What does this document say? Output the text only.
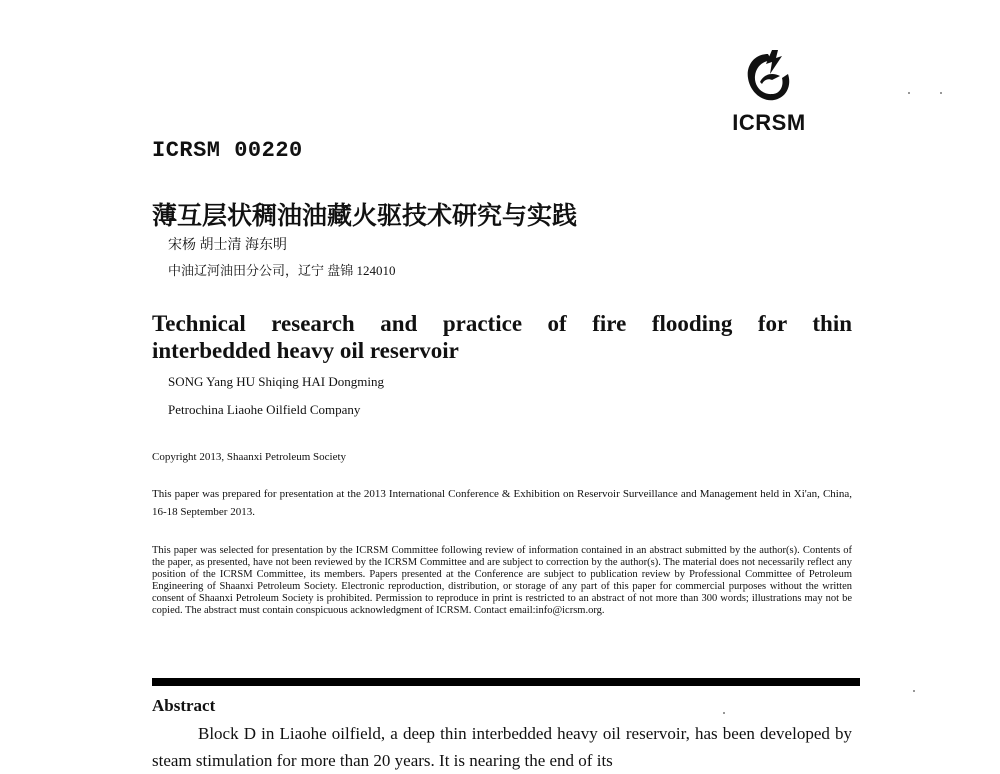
ICRSM
ICRSM 00220
薄互层状稠油油藏火驱技术研究与实践
宋杨 胡士清 海东明
中油辽河油田分公司，辽宁 盘锦 124010
Technical research and practice of fire flooding for thin
interbedded heavy oil reservoir
SONG Yang HU Shiqing HAI Dongming
Petrochina Liaohe Oilfield Company
Copyright 2013, Shaanxi Petroleum Society
This paper was prepared for presentation at the 2013 International Conference & Exhibition on Reservoir Surveillance and Management held in Xi'an, China, 16-18 September 2013.
This paper was selected for presentation by the ICRSM Committee following review of information contained in an abstract submitted by the author(s). Contents of the paper, as presented, have not been reviewed by the ICRSM Committee and are subject to correction by the author(s). The material does not necessarily reflect any position of the ICRSM Committee, its members. Papers presented at the Conference are subject to publication review by Professional Committee of Petroleum Engineering of Shaanxi Petroleum Society. Electronic reproduction, distribution, or storage of any part of this paper for commercial purposes without the written consent of Shaanxi Petroleum Society is prohibited. Permission to reproduce in print is restricted to an abstract of not more than 300 words; illustrations may not be copied. The abstract must contain conspicuous acknowledgment of ICRSM. Contact email:info@icrsm.org.
Abstract
Block D in Liaohe oilfield, a deep thin interbedded heavy oil reservoir, has been developed by steam stimulation for more than 20 years. It is nearing the end of its
